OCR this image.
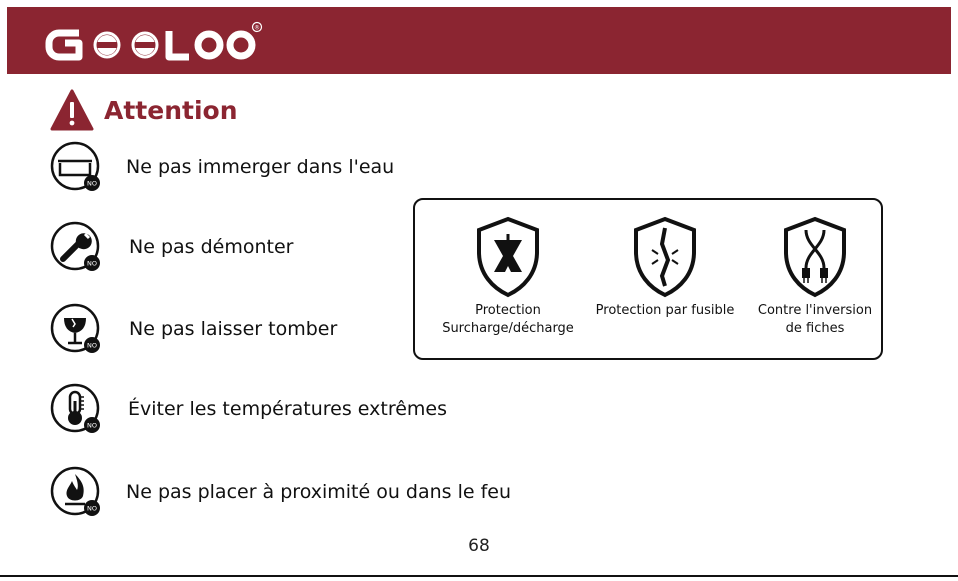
®
Attention
NO
Ne pas immerger dans l'eau
NO
Ne pas démonter
NO
Ne pas laisser tomber
NO
Éviter les températures extrêmes
NO
Ne pas placer à proximité ou dans le feu
Protection
Surcharge/décharge
Protection par fusible	Contre l'inversion
de fiches
68
